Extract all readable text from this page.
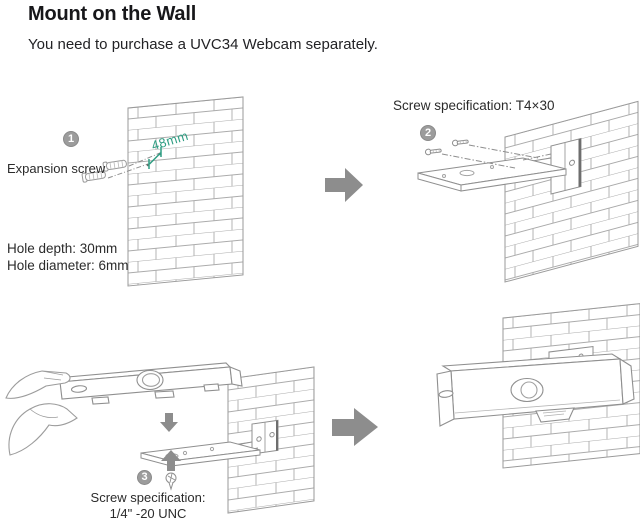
Mount on the Wall
You need to purchase a UVC34 Webcam separately.
1
Expansion screw
48mm
Hole depth: 30mm
Hole diameter: 6mm
2
Screw specification: T4×30
3
Screw specification:
1/4" -20 UNC
